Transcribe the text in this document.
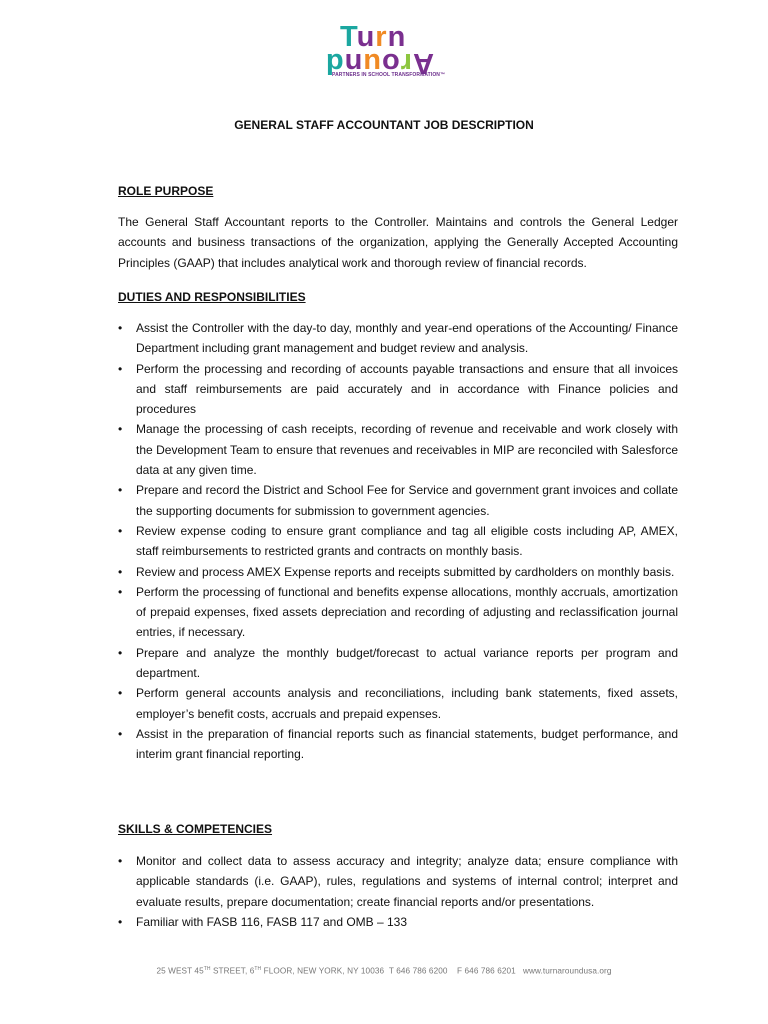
Turn
Around
PARTNERS IN SCHOOL TRANSFORMATION™
GENERAL STAFF ACCOUNTANT JOB DESCRIPTION
ROLE PURPOSE
The General Staff Accountant reports to the Controller. Maintains and controls the General Ledger accounts and business transactions of the organization, applying the Generally Accepted Accounting Principles (GAAP) that includes analytical work and thorough review of financial records.
DUTIES AND RESPONSIBILITIES
• Assist the Controller with the day-to day, monthly and year-end operations of the Accounting/ Finance Department including grant management and budget review and analysis.
• Perform the processing and recording of accounts payable transactions and ensure that all invoices and staff reimbursements are paid accurately and in accordance with Finance policies and procedures
• Manage the processing of cash receipts, recording of revenue and receivable and work closely with the Development Team to ensure that revenues and receivables in MIP are reconciled with Salesforce data at any given time.
• Prepare and record the District and School Fee for Service and government grant invoices and collate the supporting documents for submission to government agencies.
• Review expense coding to ensure grant compliance and tag all eligible costs including AP, AMEX, staff reimbursements to restricted grants and contracts on monthly basis.
• Review and process AMEX Expense reports and receipts submitted by cardholders on monthly basis.
• Perform the processing of functional and benefits expense allocations, monthly accruals, amortization of prepaid expenses, fixed assets depreciation and recording of adjusting and reclassification journal entries, if necessary.
• Prepare and analyze the monthly budget/forecast to actual variance reports per program and department.
• Perform general accounts analysis and reconciliations, including bank statements, fixed assets, employer’s benefit costs, accruals and prepaid expenses.
• Assist in the preparation of financial reports such as financial statements, budget performance, and interim grant financial reporting.
SKILLS & COMPETENCIES
• Monitor and collect data to assess accuracy and integrity; analyze data; ensure compliance with applicable standards (i.e. GAAP), rules, regulations and systems of internal control; interpret and evaluate results, prepare documentation; create financial reports and/or presentations.
• Familiar with FASB 116, FASB 117 and OMB – 133
25 WEST 45TH STREET, 6TH FLOOR, NEW YORK, NY 10036 T 646 786 6200 F 646 786 6201 www.turnaroundusa.org
